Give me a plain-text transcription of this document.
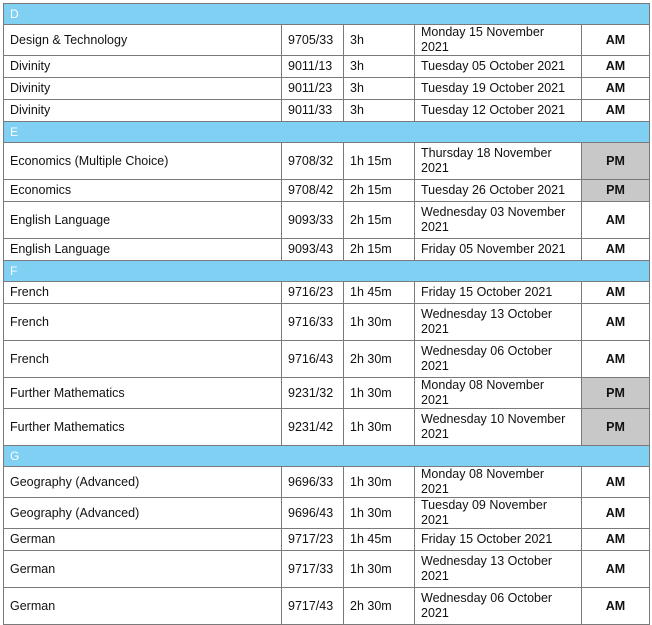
D				
Design & Technology	9705/33	3h	Monday 15 November 2021	AM
Divinity	9011/13	3h	Tuesday 05 October 2021	AM
Divinity	9011/23	3h	Tuesday 19 October 2021	AM
Divinity	9011/33	3h	Tuesday 12 October 2021	AM
E				
Economics (Multiple Choice)	9708/32	1h 15m	Thursday 18 November 2021	PM
Economics	9708/42	2h 15m	Tuesday 26 October 2021	PM
English Language	9093/33	2h 15m	Wednesday 03 November 2021	AM
English Language	9093/43	2h 15m	Friday 05 November 2021	AM
F				
French	9716/23	1h 45m	Friday 15 October 2021	AM
French	9716/33	1h 30m	Wednesday 13 October 2021	AM
French	9716/43	2h 30m	Wednesday 06 October 2021	AM
Further Mathematics	9231/32	1h 30m	Monday 08 November 2021	PM
Further Mathematics	9231/42	1h 30m	Wednesday 10 November 2021	PM
G				
Geography (Advanced)	9696/33	1h 30m	Monday 08 November 2021	AM
Geography (Advanced)	9696/43	1h 30m	Tuesday 09 November 2021	AM
German	9717/23	1h 45m	Friday 15 October 2021	AM
German	9717/33	1h 30m	Wednesday 13 October 2021	AM
German	9717/43	2h 30m	Wednesday 06 October 2021	AM
